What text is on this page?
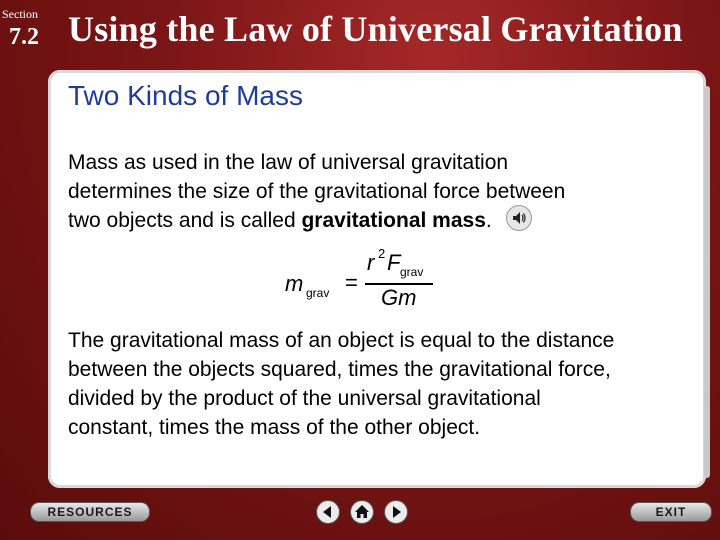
Section
7.2 Using the Law of Universal Gravitation
Two Kinds of Mass
Mass as used in the law of universal gravitation
determines the size of the gravitational force between
two objects and is called gravitational mass.
m grav =
r 2 F grav
Gm
The gravitational mass of an object is equal to the distance
between the objects squared, times the gravitational force,
divided by the product of the universal gravitational
constant, times the mass of the other object.
RESOURCES	EXIT
